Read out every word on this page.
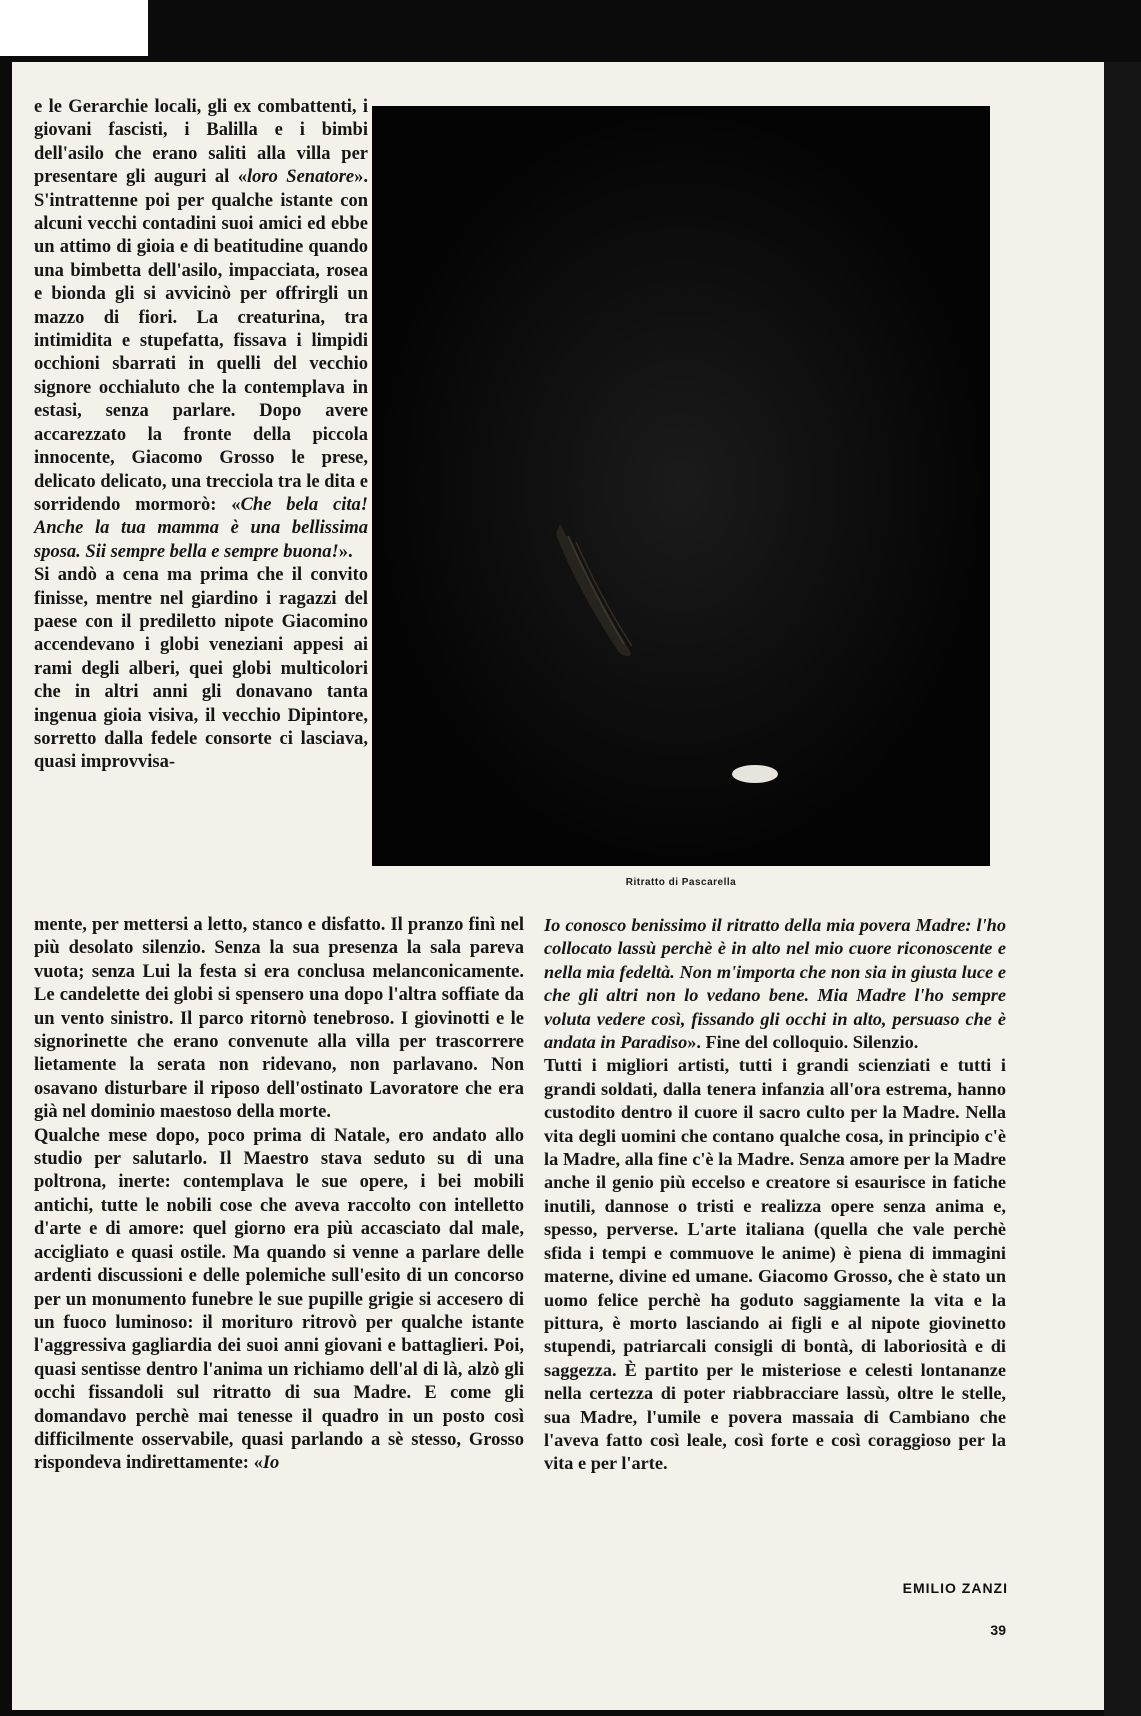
e le Gerarchie locali, gli ex combattenti, i giovani fascisti, i Balilla e i bimbi dell'asilo che erano saliti alla villa per presentare gli auguri al «loro Senatore». S'intrattenne poi per qualche istante con alcuni vecchi contadini suoi amici ed ebbe un attimo di gioia e di beatitudine quando una bimbetta dell'asilo, impacciata, rosea e bionda gli si avvicinò per offrirgli un mazzo di fiori. La creaturina, tra intimidita e stupefatta, fissava i limpidi occhioni sbarrati in quelli del vecchio signore occhialuto che la contemplava in estasi, senza parlare. Dopo avere accarezzato la fronte della piccola innocente, Giacomo Grosso le prese, delicato delicato, una trecciola tra le dita e sorridendo mormorò: «Che bela cita! Anche la tua mamma è una bellissima sposa. Sii sempre bella e sempre buona!».

Si andò a cena ma prima che il convito finisse, mentre nel giardino i ragazzi del paese con il prediletto nipote Giacomino accendevano i globi veneziani appesi ai rami degli alberi, quei globi multicolori che in altri anni gli donavano tanta ingenua gioia visiva, il vecchio Dipintore, sorretto dalla fedele consorte ci lasciava, quasi improvvisa-

Ritratto di Pascarella

mente, per mettersi a letto, stanco e disfatto. Il pranzo finì nel più desolato silenzio. Senza la sua presenza la sala pareva vuota; senza Lui la festa si era conclusa melanconicamente. Le candelette dei globi si spensero una dopo l'altra soffiate da un vento sinistro. Il parco ritornò tenebroso. I giovinotti e le signorinette che erano convenute alla villa per trascorrere lietamente la serata non ridevano, non parlavano. Non osavano disturbare il riposo dell'ostinato Lavoratore che era già nel dominio maestoso della morte.

Qualche mese dopo, poco prima di Natale, ero andato allo studio per salutarlo. Il Maestro stava seduto su di una poltrona, inerte: contemplava le sue opere, i bei mobili antichi, tutte le nobili cose che aveva raccolto con intelletto d'arte e di amore: quel giorno era più accasciato dal male, accigliato e quasi ostile. Ma quando si venne a parlare delle ardenti discussioni e delle polemiche sull'esito di un concorso per un monumento funebre le sue pupille grigie si accesero di un fuoco luminoso: il morituro ritrovò per qualche istante l'aggressiva gagliardia dei suoi anni giovani e battaglieri. Poi, quasi sentisse dentro l'anima un richiamo dell'al di là, alzò gli occhi fissandoli sul ritratto di sua Madre. E come gli domandavo perchè mai tenesse il quadro in un posto così difficilmente osservabile, quasi parlando a sè stesso, Grosso rispondeva indirettamente: «Io

Io conosco benissimo il ritratto della mia povera Madre: l'ho collocato lassù perchè è in alto nel mio cuore riconoscente e nella mia fedeltà. Non m'importa che non sia in giusta luce e che gli altri non lo vedano bene. Mia Madre l'ho sempre voluta vedere così, fissando gli occhi in alto, persuaso che è andata in Paradiso». Fine del colloquio. Silenzio.

Tutti i migliori artisti, tutti i grandi scienziati e tutti i grandi soldati, dalla tenera infanzia all'ora estrema, hanno custodito dentro il cuore il sacro culto per la Madre. Nella vita degli uomini che contano qualche cosa, in principio c'è la Madre, alla fine c'è la Madre. Senza amore per la Madre anche il genio più eccelso e creatore si esaurisce in fatiche inutili, dannose o tristi e realizza opere senza anima e, spesso, perverse. L'arte italiana (quella che vale perchè sfida i tempi e commuove le anime) è piena di immagini materne, divine ed umane. Giacomo Grosso, che è stato un uomo felice perchè ha goduto saggiamente la vita e la pittura, è morto lasciando ai figli e al nipote giovinetto stupendi, patriarcali consigli di bontà, di laboriosità e di saggezza. È partito per le misteriose e celesti lontananze nella certezza di poter riabbracciare lassù, oltre le stelle, sua Madre, l'umile e povera massaia di Cambiano che l'aveva fatto così leale, così forte e così coraggioso per la vita e per l'arte.

EMILIO ZANZI
39
